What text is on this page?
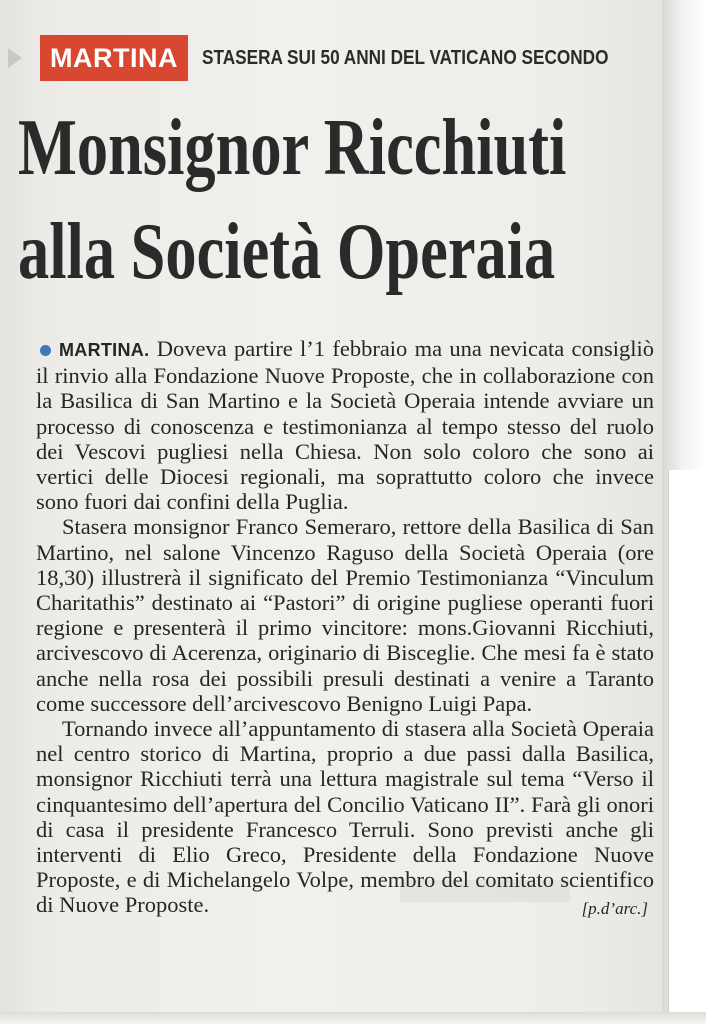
MARTINA	STASERA SUI 50 ANNI DEL VATICANO SECONDO
Monsignor Ricchiuti
alla Società Operaia

MARTINA. Doveva partire l’1 febbraio ma una nevicata consigliò il rinvio alla Fondazione Nuove Proposte, che in collaborazione con la Basilica di San Martino e la Società Operaia intende avviare un processo di conoscenza e testimonianza al tempo stesso del ruolo dei Vescovi pugliesi nella Chiesa. Non solo coloro che sono ai vertici delle Diocesi regionali, ma soprattutto coloro che invece sono fuori dai confini della Puglia.

Stasera monsignor Franco Semeraro, rettore della Basilica di San Martino, nel salone Vincenzo Raguso della Società Operaia (ore 18,30) illustrerà il significato del Premio Testimonianza “Vinculum Charitathis” destinato ai “Pastori” di origine pugliese operanti fuori regione e presenterà il primo vincitore: mons.Giovanni Ricchiuti, arcivescovo di Acerenza, originario di Bisceglie. Che mesi fa è stato anche nella rosa dei possibili presuli destinati a venire a Taranto come successore dell’arcivescovo Benigno Luigi Papa.

Tornando invece all’appuntamento di stasera alla Società Operaia nel centro storico di Martina, proprio a due passi dalla Basilica, monsignor Ricchiuti terrà una lettura magistrale sul tema “Verso il cinquantesimo dell’apertura del Concilio Vaticano II”. Farà gli onori di casa il presidente Francesco Terruli. Sono previsti anche gli interventi di Elio Greco, Presidente della Fondazione Nuove Proposte, e di Michelangelo Volpe, membro del comitato scientifico di Nuove Proposte.	[p.d’arc.]
